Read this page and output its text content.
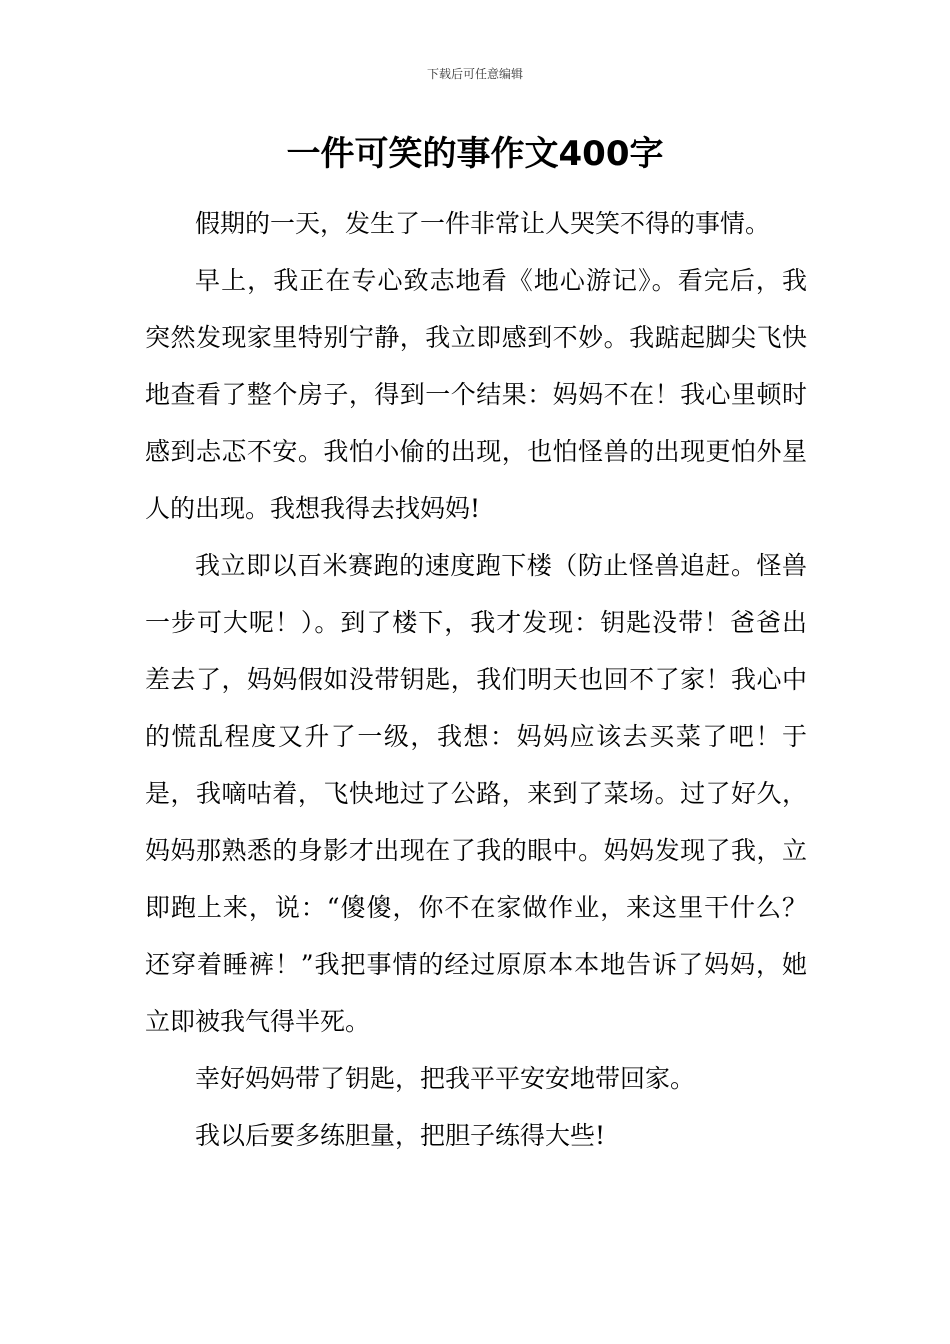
下载后可任意编辑
一件可笑的事作文400字

假期的一天，发生了一件非常让人哭笑不得的事情。

早上，我正在专心致志地看《地心游记》。看完后，我突然发现家里特别宁静，我立即感到不妙。我踮起脚尖飞快地查看了整个房子，得到一个结果：妈妈不在！我心里顿时感到忐忑不安。我怕小偷的出现，也怕怪兽的出现更怕外星人的出现。我想我得去找妈妈!

我立即以百米赛跑的速度跑下楼（防止怪兽追赶。怪兽一步可大呢！）。到了楼下，我才发现：钥匙没带！爸爸出差去了，妈妈假如没带钥匙，我们明天也回不了家！我心中的慌乱程度又升了一级，我想：妈妈应该去买菜了吧！于是，我嘀咕着，飞快地过了公路，来到了菜场。过了好久，妈妈那熟悉的身影才出现在了我的眼中。妈妈发现了我，立即跑上来，说：“傻傻，你不在家做作业，来这里干什么？还穿着睡裤！”我把事情的经过原原本本地告诉了妈妈，她立即被我气得半死。

幸好妈妈带了钥匙，把我平平安安地带回家。

我以后要多练胆量，把胆子练得大些!
